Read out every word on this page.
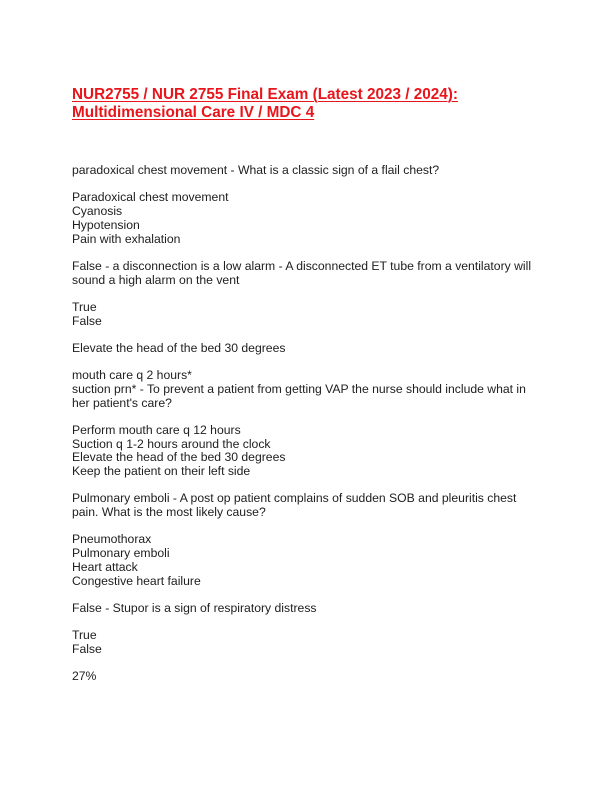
NUR2755 / NUR 2755 Final Exam (Latest 2023 / 2024):
Multidimensional Care IV / MDC 4
paradoxical chest movement - What is a classic sign of a flail chest?
Paradoxical chest movement
Cyanosis
Hypotension
Pain with exhalation
False - a disconnection is a low alarm - A disconnected ET tube from a ventilatory will sound a high alarm on the vent
True
False
Elevate the head of the bed 30 degrees
mouth care q 2 hours*
suction prn* - To prevent a patient from getting VAP the nurse should include what in her patient's care?
Perform mouth care q 12 hours
Suction q 1-2 hours around the clock
Elevate the head of the bed 30 degrees
Keep the patient on their left side
Pulmonary emboli - A post op patient complains of sudden SOB and pleuritis chest pain. What is the most likely cause?
Pneumothorax
Pulmonary emboli
Heart attack
Congestive heart failure
False - Stupor is a sign of respiratory distress
True
False
27%
